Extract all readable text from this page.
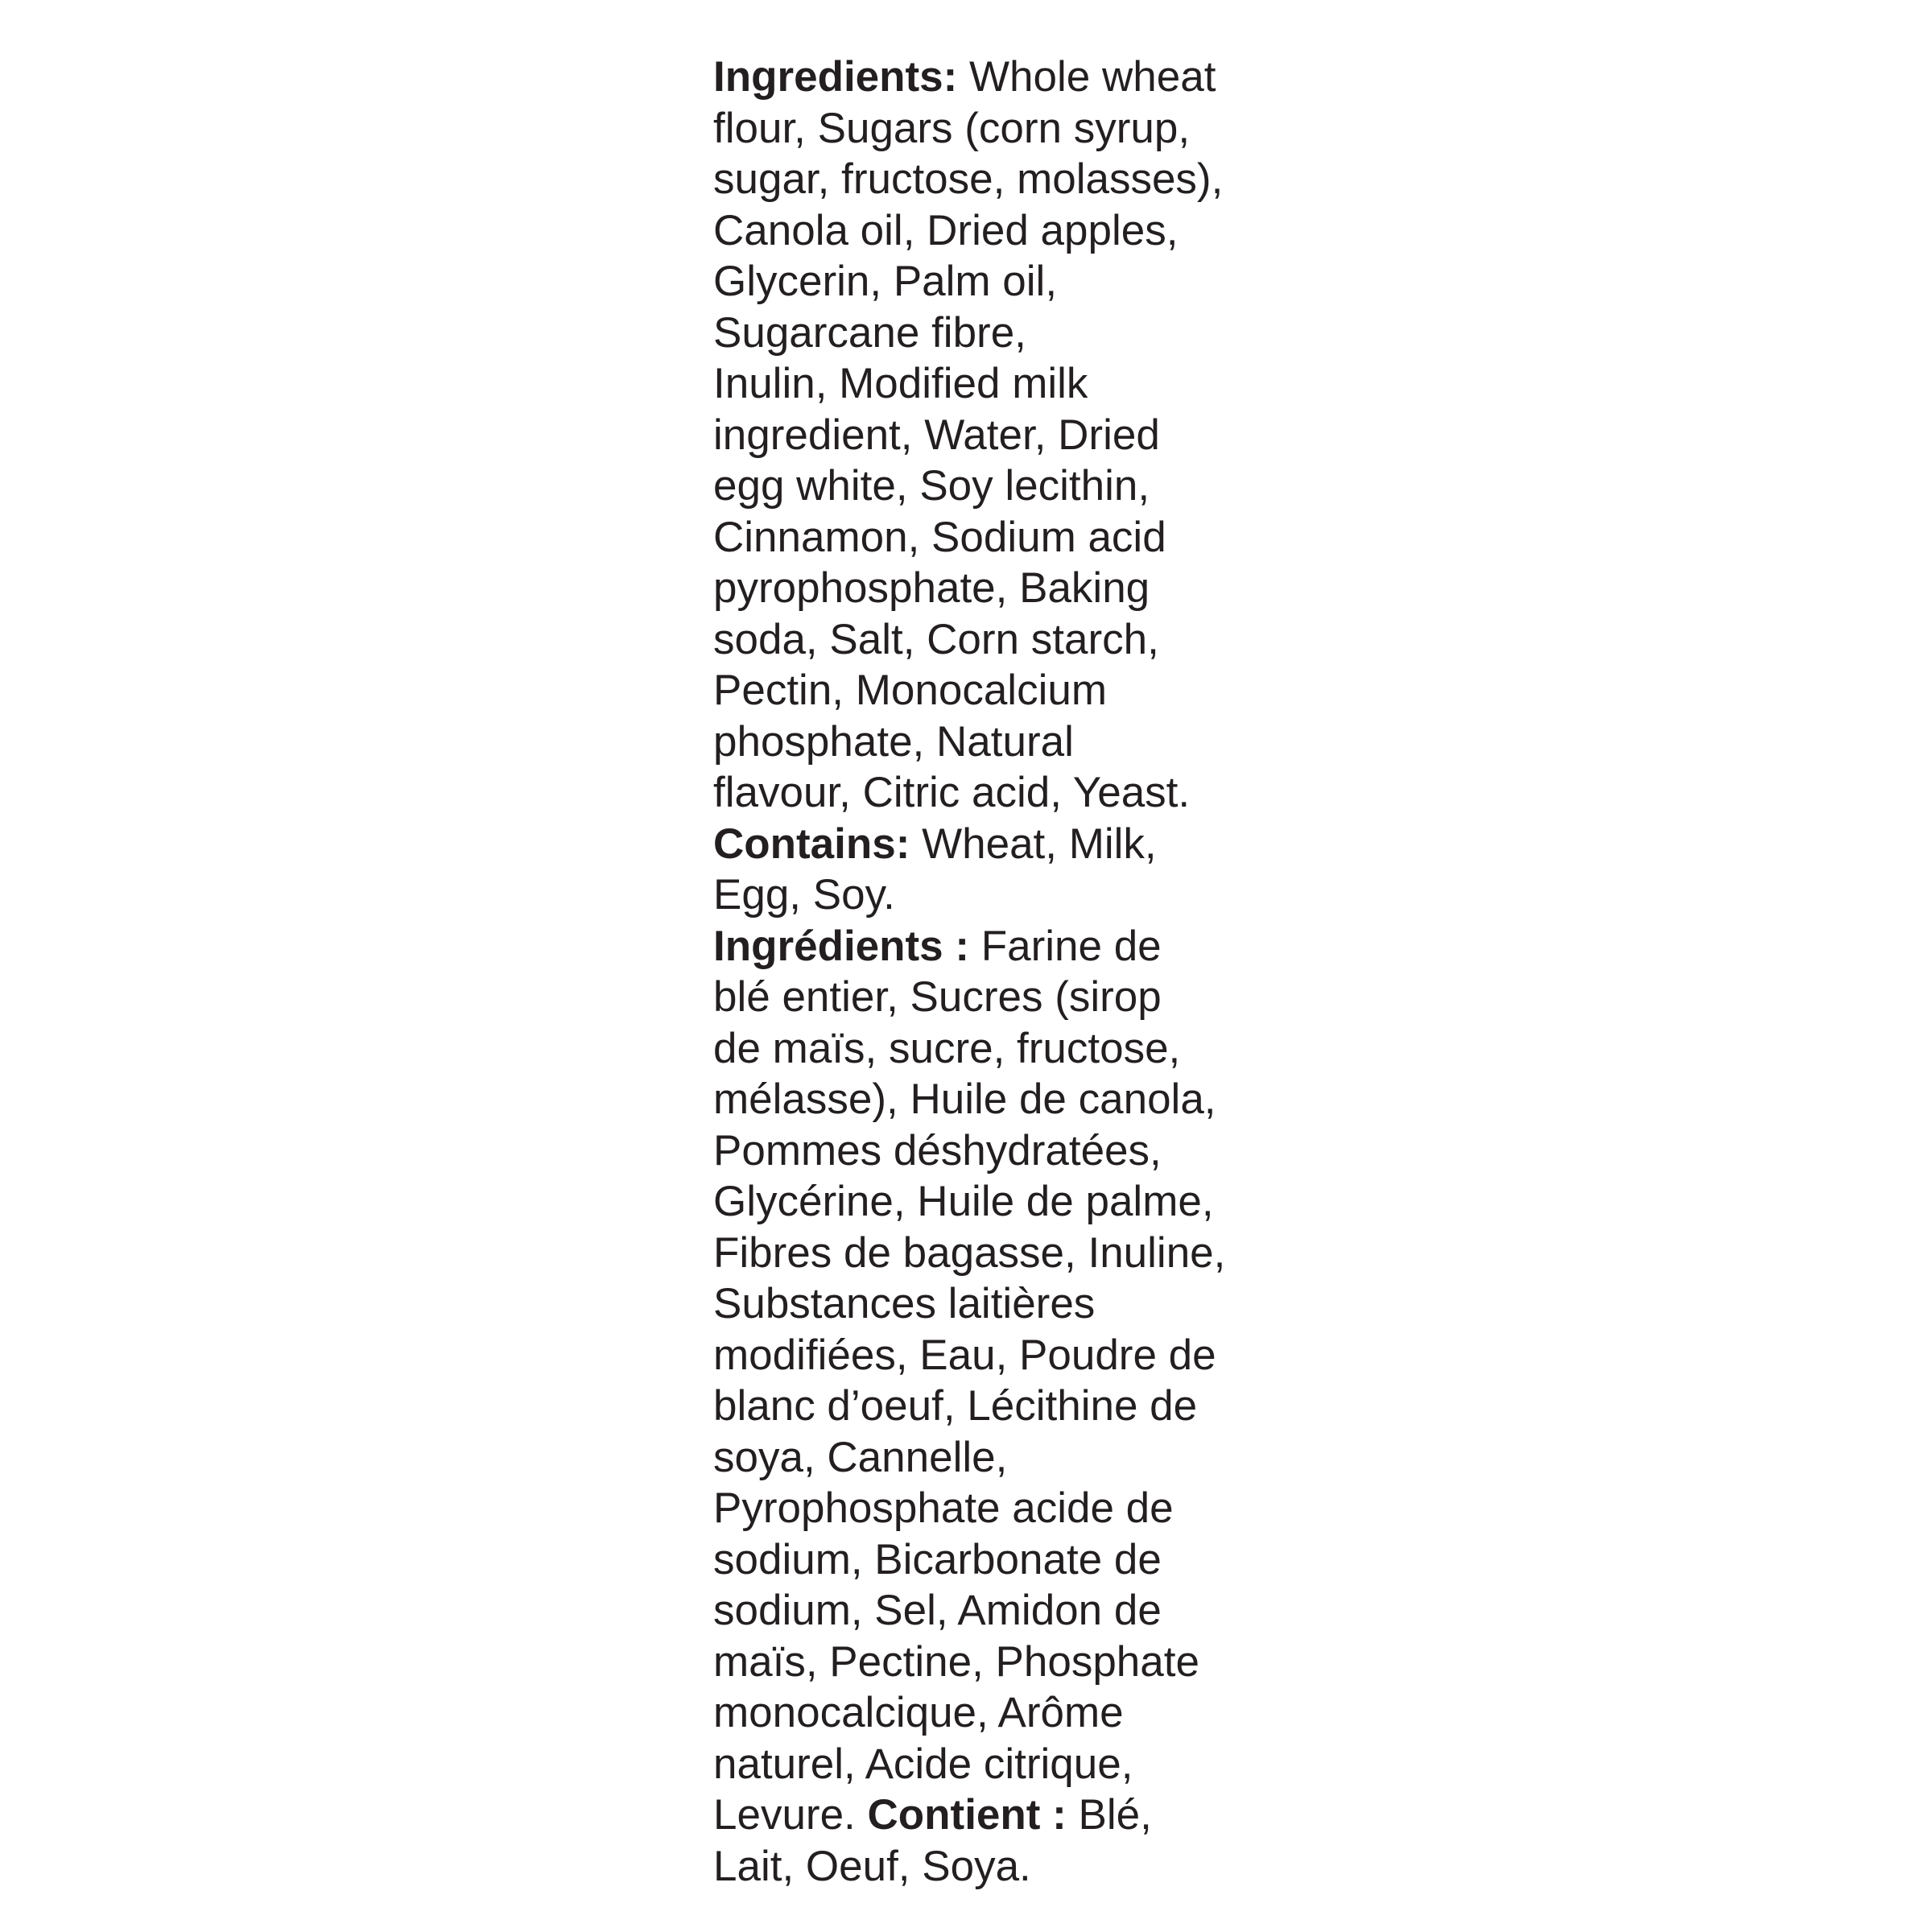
Ingredients: Whole wheat
flour, Sugars (corn syrup,
sugar, fructose, molasses),
Canola oil, Dried apples,
Glycerin, Palm oil,
Sugarcane fibre,
Inulin, Modified milk
ingredient, Water, Dried
egg white, Soy lecithin,
Cinnamon, Sodium acid
pyrophosphate, Baking
soda, Salt, Corn starch,
Pectin, Monocalcium
phosphate, Natural
flavour, Citric acid, Yeast.
Contains: Wheat, Milk,
Egg, Soy.
Ingrédients : Farine de
blé entier, Sucres (sirop
de maïs, sucre, fructose,
mélasse), Huile de canola,
Pommes déshydratées,
Glycérine, Huile de palme,
Fibres de bagasse, Inuline,
Substances laitières
modifiées, Eau, Poudre de
blanc d’oeuf, Lécithine de
soya, Cannelle,
Pyrophosphate acide de
sodium, Bicarbonate de
sodium, Sel, Amidon de
maïs, Pectine, Phosphate
monocalcique, Arôme
naturel, Acide citrique,
Levure. Contient : Blé,
Lait, Oeuf, Soya.
